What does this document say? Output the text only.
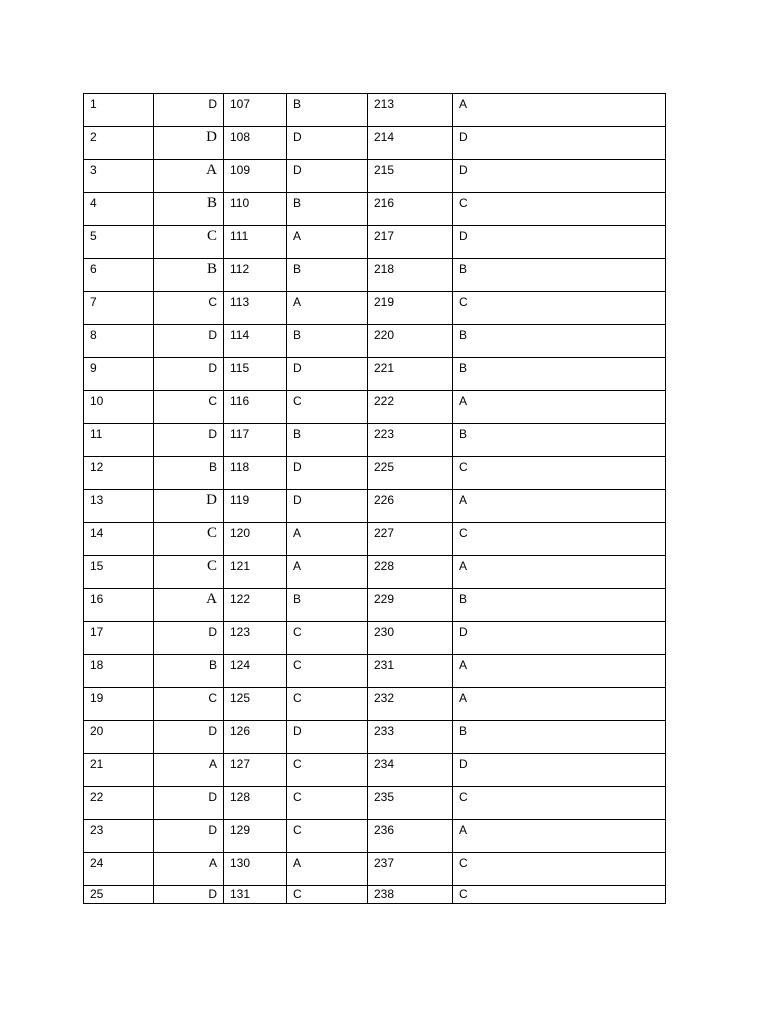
1	D	107	B	213	A
2	D	108	D	214	D
3	A	109	D	215	D
4	B	110	B	216	C
5	C	111	A	217	D
6	B	112	B	218	B
7	C	113	A	219	C
8	D	114	B	220	B
9	D	115	D	221	B
10	C	116	C	222	A
11	D	117	B	223	B
12	B	118	D	225	C
13	D	119	D	226	A
14	C	120	A	227	C
15	C	121	A	228	A
16	A	122	B	229	B
17	D	123	C	230	D
18	B	124	C	231	A
19	C	125	C	232	A
20	D	126	D	233	B
21	A	127	C	234	D
22	D	128	C	235	C
23	D	129	C	236	A
24	A	130	A	237	C
25	D	131	C	238	C
